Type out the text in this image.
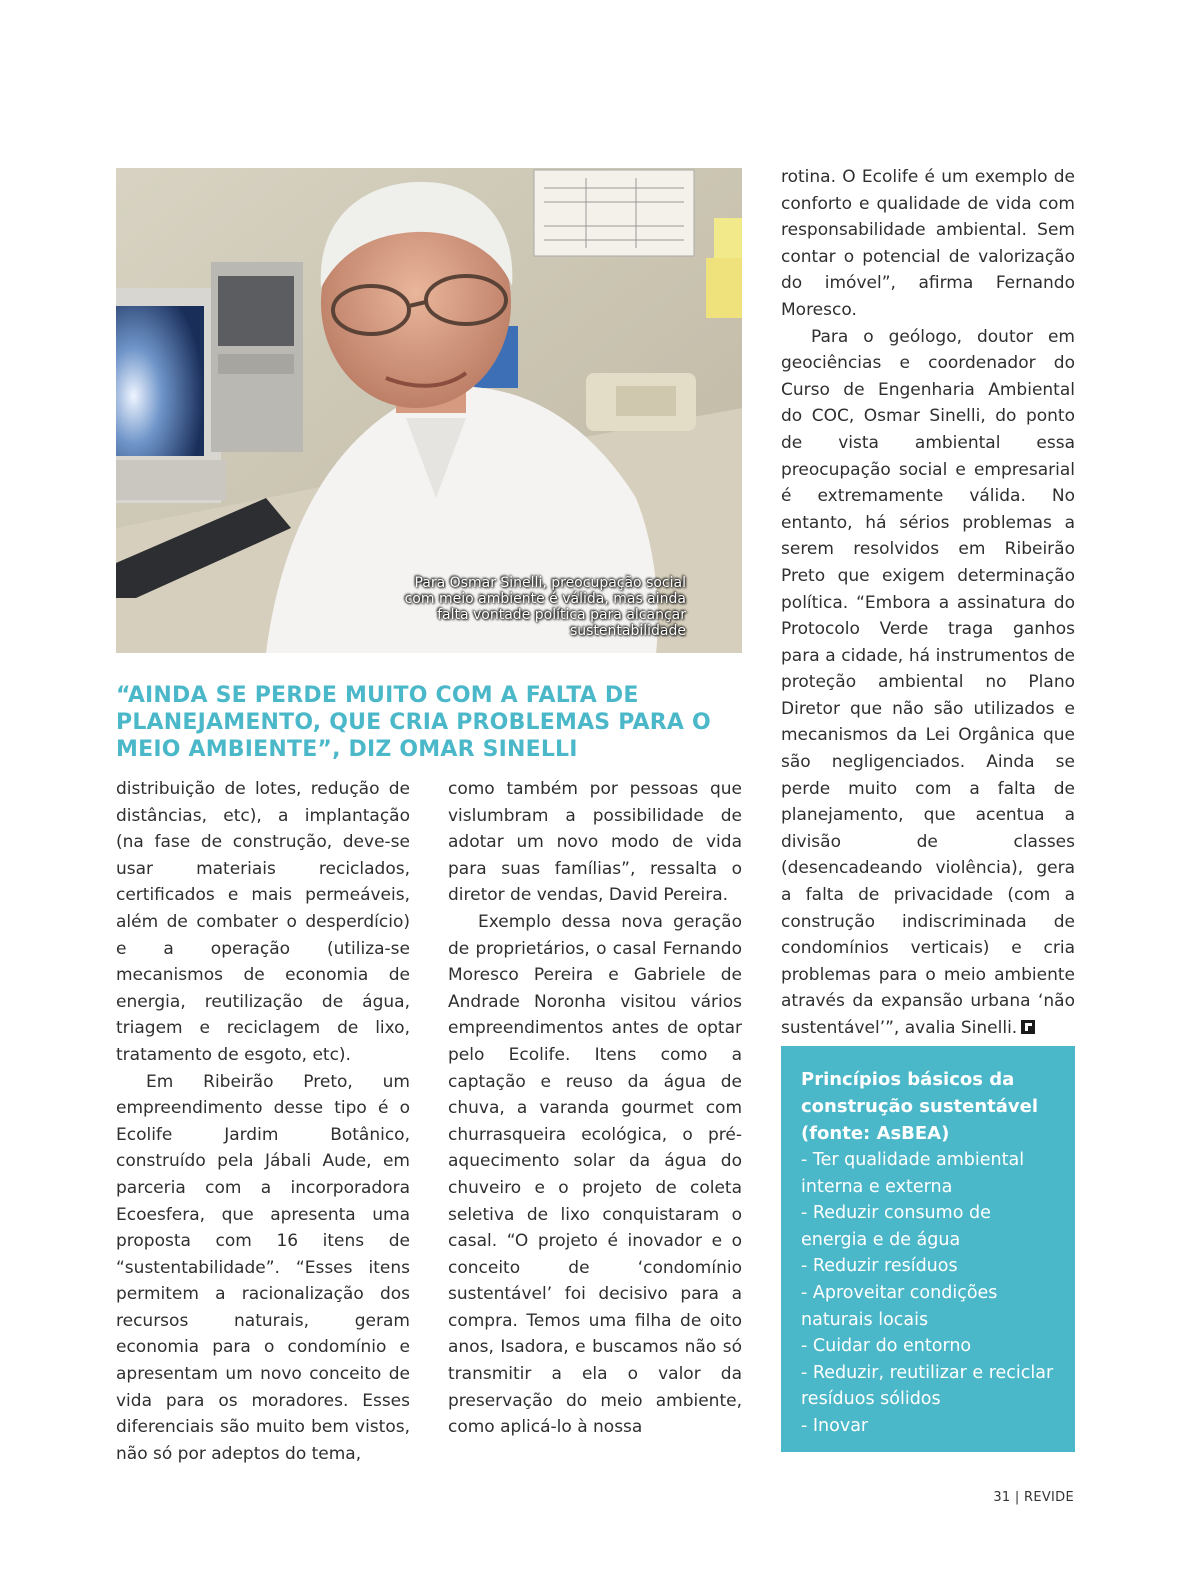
Para Osmar Sinelli, preocupação social com meio ambiente é válida, mas ainda falta vontade política para alcançar sustentabilidade
“AINDA SE PERDE MUITO COM A FALTA DE PLANEJAMENTO, QUE CRIA PROBLEMAS PARA O MEIO AMBIENTE”, DIZ OMAR SINELLI

distribuição de lotes, redução de distâncias, etc), a implantação (na fase de construção, deve-se usar materiais reciclados, certificados e mais permeáveis, além de combater o desperdício) e a operação (utiliza-se mecanismos de economia de energia, reutilização de água, triagem e reciclagem de lixo, tratamento de esgoto, etc).

Em Ribeirão Preto, um empreendimento desse tipo é o Ecolife Jardim Botânico, construído pela Jábali Aude, em parceria com a incorporadora Ecoesfera, que apresenta uma proposta com 16 itens de “sustentabilidade”. “Esses itens permitem a racionalização dos recursos naturais, geram economia para o condomínio e apresentam um novo conceito de vida para os moradores. Esses diferenciais são muito bem vistos, não só por adeptos do tema,

como também por pessoas que vislumbram a possibilidade de adotar um novo modo de vida para suas famílias”, ressalta o diretor de vendas, David Pereira.

Exemplo dessa nova geração de proprietários, o casal Fernando Moresco Pereira e Gabriele de Andrade Noronha visitou vários empreendimentos antes de optar pelo Ecolife. Itens como a captação e reuso da água de chuva, a varanda gourmet com churrasqueira ecológica, o pré-aquecimento solar da água do chuveiro e o projeto de coleta seletiva de lixo conquistaram o casal. “O projeto é inovador e o conceito de ‘condomínio sustentável’ foi decisivo para a compra. Temos uma filha de oito anos, Isadora, e buscamos não só transmitir a ela o valor da preservação do meio ambiente, como aplicá-lo à nossa

rotina. O Ecolife é um exemplo de conforto e qualidade de vida com responsabilidade ambiental. Sem contar o potencial de valorização do imóvel”, afirma Fernando Moresco.

Para o geólogo, doutor em geociências e coordenador do Curso de Engenharia Ambiental do COC, Osmar Sinelli, do ponto de vista ambiental essa preocupação social e empresarial é extremamente válida. No entanto, há sérios problemas a serem resolvidos em Ribeirão Preto que exigem determinação política. “Embora a assinatura do Protocolo Verde traga ganhos para a cidade, há instrumentos de proteção ambiental no Plano Diretor que não são utilizados e mecanismos da Lei Orgânica que são negligenciados. Ainda se perde muito com a falta de planejamento, que acentua a divisão de classes (desencadeando violência), gera a falta de privacidade (com a construção indiscriminada de condomínios verticais) e cria problemas para o meio ambiente através da expansão urbana ‘não sustentável’”, avalia Sinelli.

Princípios básicos da construção sustentável (fonte: AsBEA)
- Ter qualidade ambiental interna e externa
- Reduzir consumo de energia e de água
- Reduzir resíduos
- Aproveitar condições naturais locais
- Cuidar do entorno
- Reduzir, reutilizar e reciclar resíduos sólidos
- Inovar
31 | REVIDE
